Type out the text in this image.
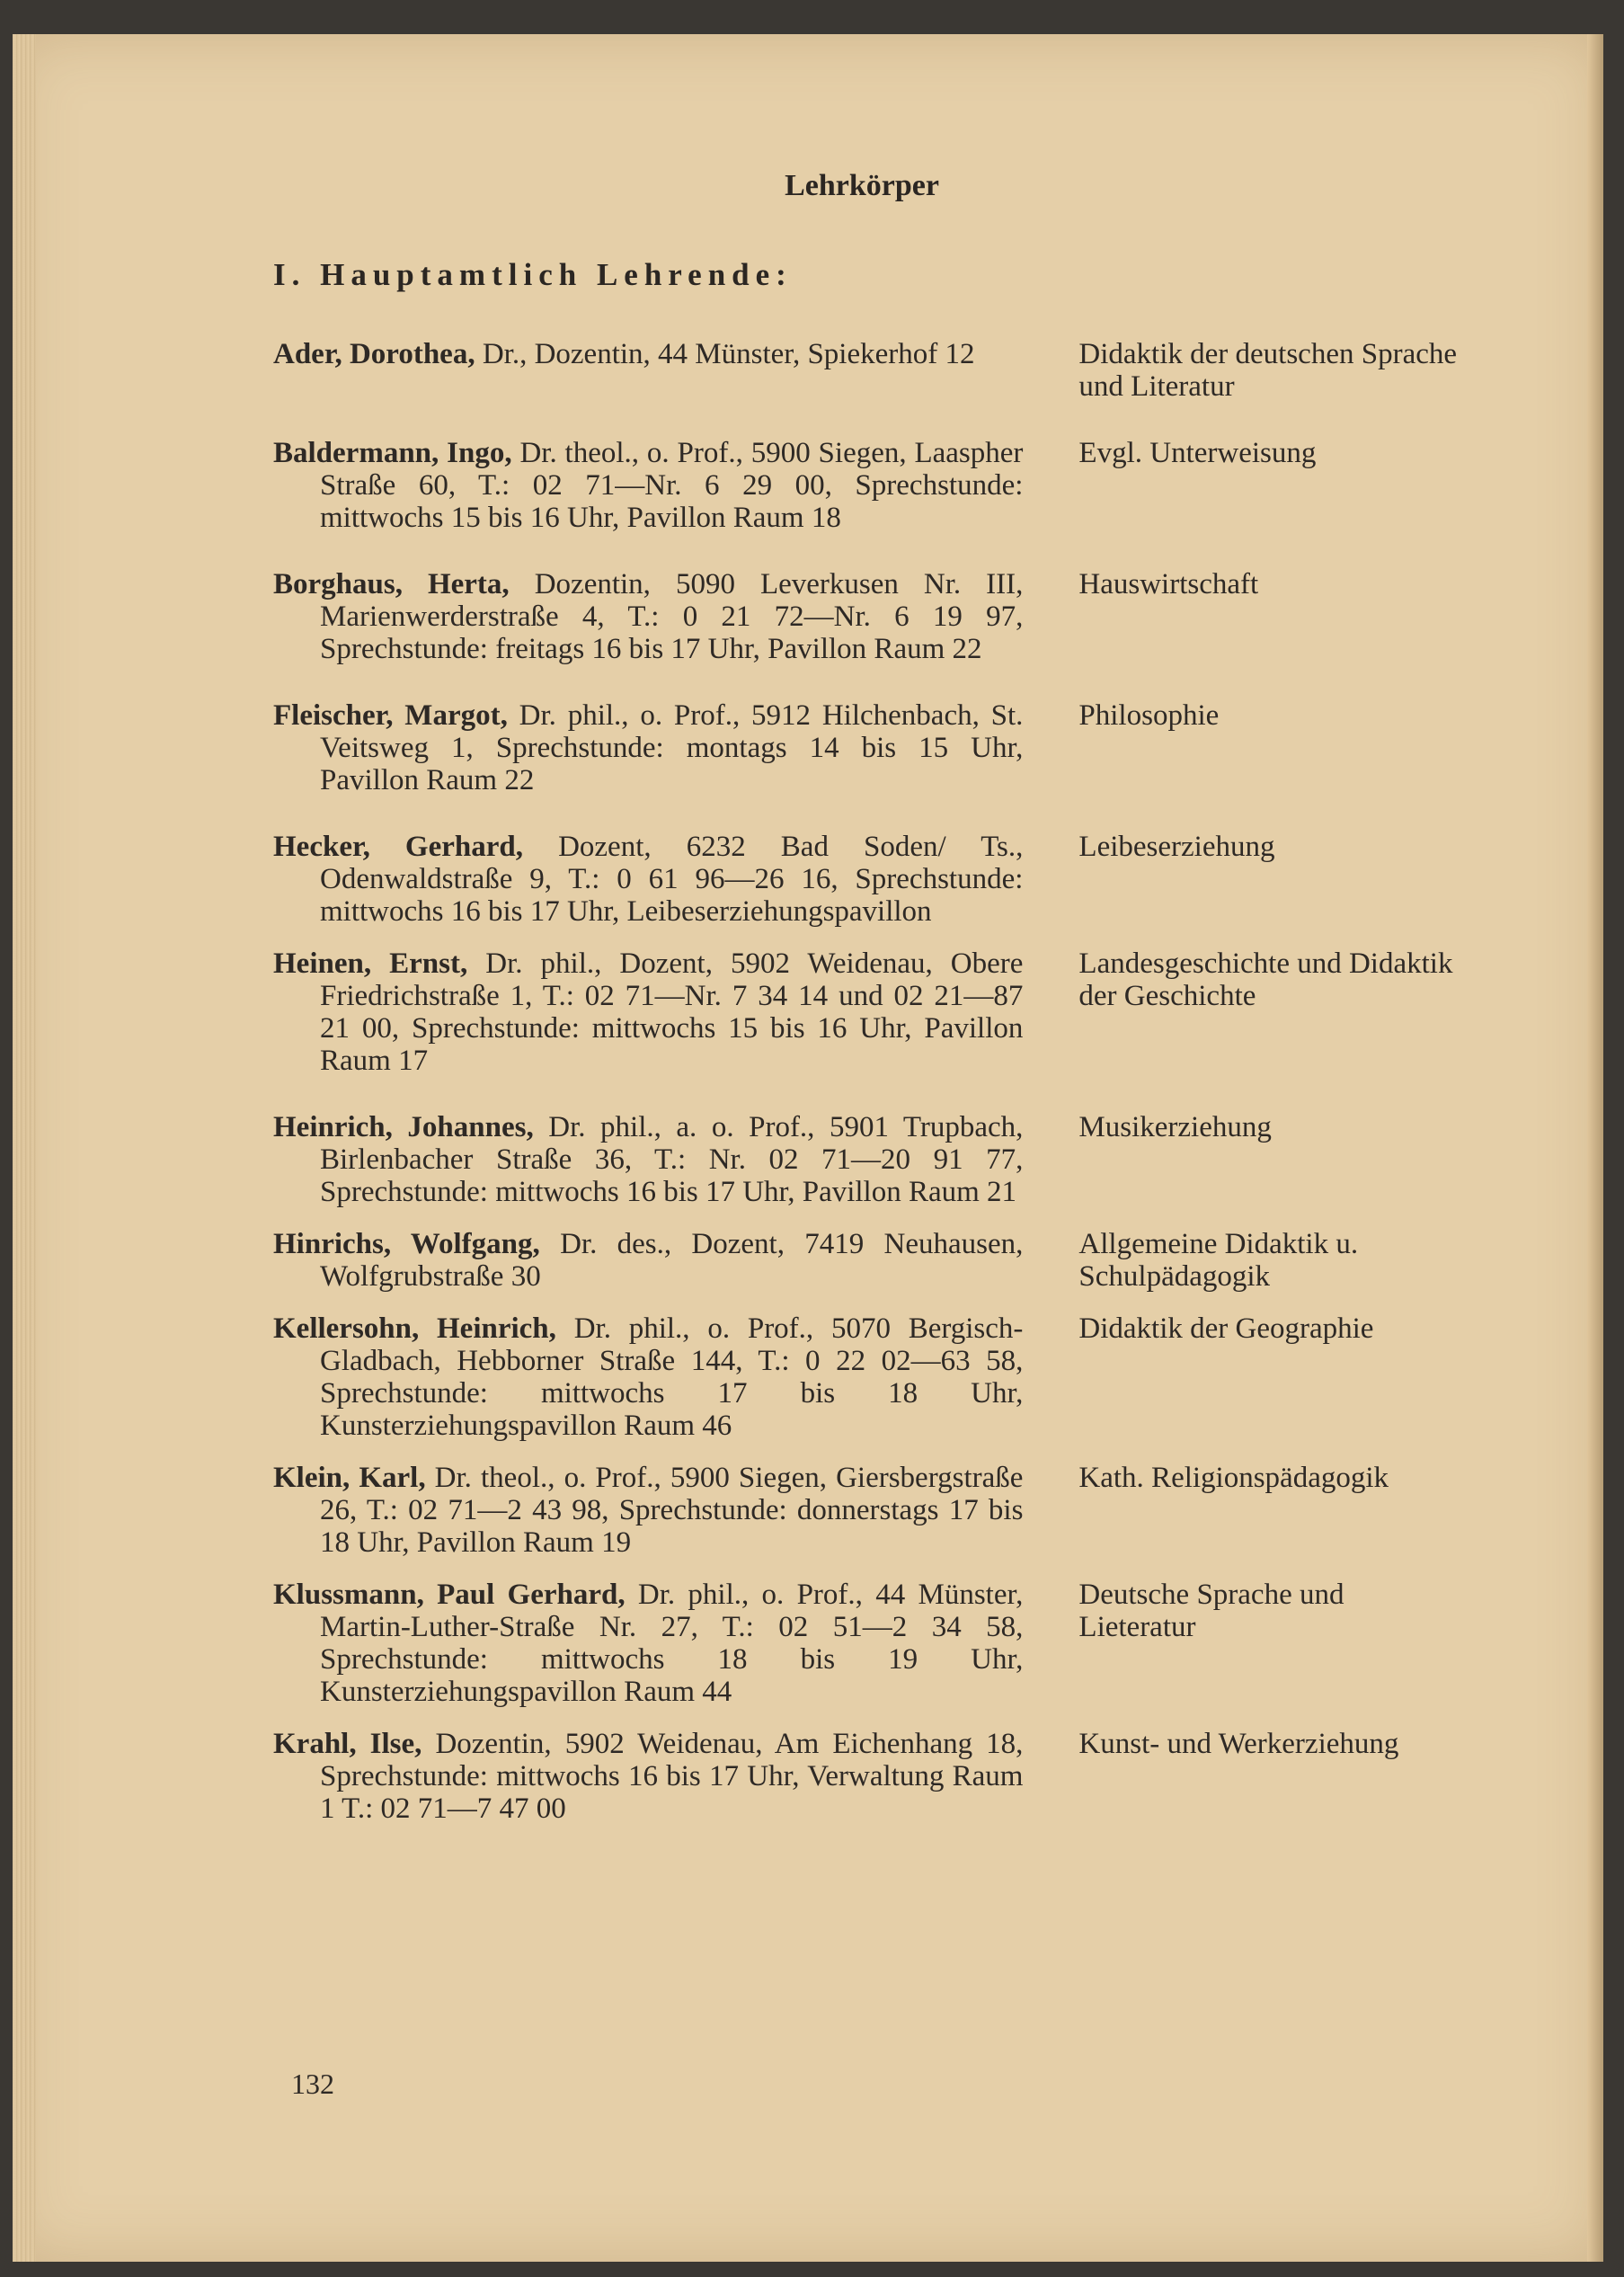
Lehrkörper
I. Hauptamtlich Lehrende:
Ader, Dorothea, Dr., Dozentin, 44 Münster, Spiekerhof 12	Didaktik der deutschen Sprache und Literatur
Baldermann, Ingo, Dr. theol., o. Prof., 5900 Siegen, Laaspher Straße 60, T.: 02 71—Nr. 6 29 00, Sprechstunde: mittwochs 15 bis 16 Uhr, Pavillon Raum 18
Evgl. Unterweisung
Borghaus, Herta, Dozentin, 5090 Leverkusen Nr. III, Marienwerderstraße 4, T.: 0 21 72—Nr. 6 19 97, Sprechstunde: freitags 16 bis 17 Uhr, Pavillon Raum 22
Hauswirtschaft
Fleischer, Margot, Dr. phil., o. Prof., 5912 Hilchenbach, St. Veitsweg 1, Sprechstunde: montags 14 bis 15 Uhr, Pavillon Raum 22
Philosophie
Hecker, Gerhard, Dozent, 6232 Bad Soden/ Ts., Odenwaldstraße 9, T.: 0 61 96—26 16, Sprechstunde: mittwochs 16 bis 17 Uhr, Leibeserziehungspavillon
Leibeserziehung
Heinen, Ernst, Dr. phil., Dozent, 5902 Weidenau, Obere Friedrichstraße 1, T.: 02 71—Nr. 7 34 14 und 02 21—87 21 00, Sprechstunde: mittwochs 15 bis 16 Uhr, Pavillon Raum 17
Landesgeschichte und Didaktik der Geschichte
Heinrich, Johannes, Dr. phil., a. o. Prof., 5901 Trupbach, Birlenbacher Straße 36, T.: Nr. 02 71—20 91 77, Sprechstunde: mittwochs 16 bis 17 Uhr, Pavillon Raum 21
Musikerziehung
Hinrichs, Wolfgang, Dr. des., Dozent, 7419 Neuhausen, Wolfgrubstraße 30
Allgemeine Didaktik u. Schulpädagogik
Kellersohn, Heinrich, Dr. phil., o. Prof., 5070 Bergisch-Gladbach, Hebborner Straße 144, T.: 0 22 02—63 58, Sprechstunde: mittwochs 17 bis 18 Uhr, Kunsterziehungspavillon Raum 46
Didaktik der Geographie
Klein, Karl, Dr. theol., o. Prof., 5900 Siegen, Giersbergstraße 26, T.: 02 71—2 43 98, Sprechstunde: donnerstags 17 bis 18 Uhr, Pavillon Raum 19
Kath. Religionspädagogik
Klussmann, Paul Gerhard, Dr. phil., o. Prof., 44 Münster, Martin-Luther-Straße Nr. 27, T.: 02 51—2 34 58, Sprechstunde: mittwochs 18 bis 19 Uhr, Kunsterziehungspavillon Raum 44
Deutsche Sprache und Lieteratur
Krahl, Ilse, Dozentin, 5902 Weidenau, Am Eichenhang 18, Sprechstunde: mittwochs 16 bis 17 Uhr, Verwaltung Raum 1 T.: 02 71—7 47 00
Kunst- und Werkerziehung
132
